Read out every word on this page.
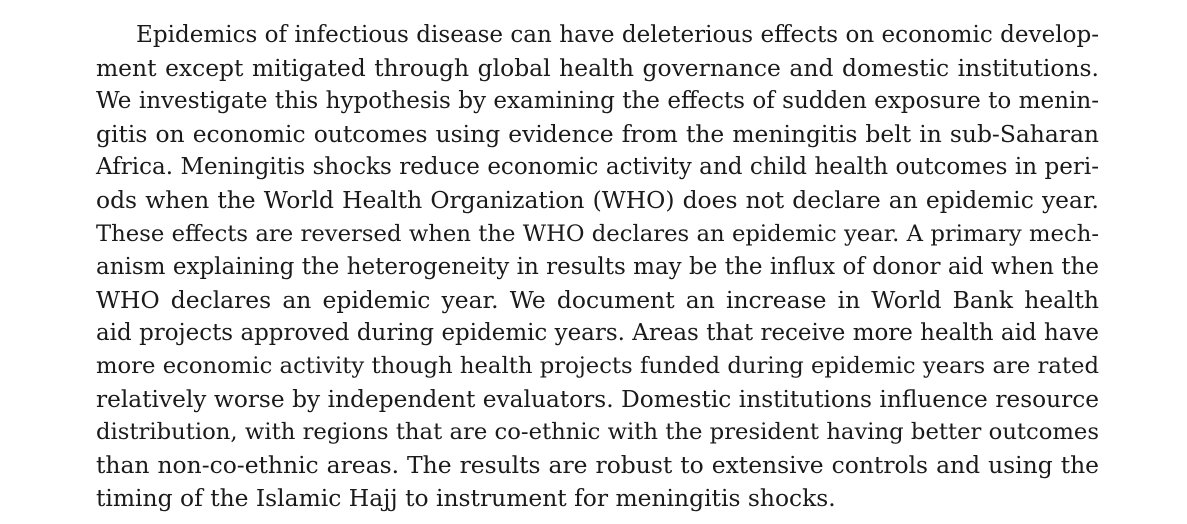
Epidemics of infectious disease can have deleterious effects on economic develop-
ment except mitigated through global health governance and domestic institutions.
We investigate this hypothesis by examining the effects of sudden exposure to menin-
gitis on economic outcomes using evidence from the meningitis belt in sub-Saharan
Africa. Meningitis shocks reduce economic activity and child health outcomes in peri-
ods when the World Health Organization (WHO) does not declare an epidemic year.
These effects are reversed when the WHO declares an epidemic year. A primary mech-
anism explaining the heterogeneity in results may be the influx of donor aid when the
WHO declares an epidemic year. We document an increase in World Bank health
aid projects approved during epidemic years. Areas that receive more health aid have
more economic activity though health projects funded during epidemic years are rated
relatively worse by independent evaluators. Domestic institutions influence resource
distribution, with regions that are co-ethnic with the president having better outcomes
than non-co-ethnic areas. The results are robust to extensive controls and using the
timing of the Islamic Hajj to instrument for meningitis shocks.
